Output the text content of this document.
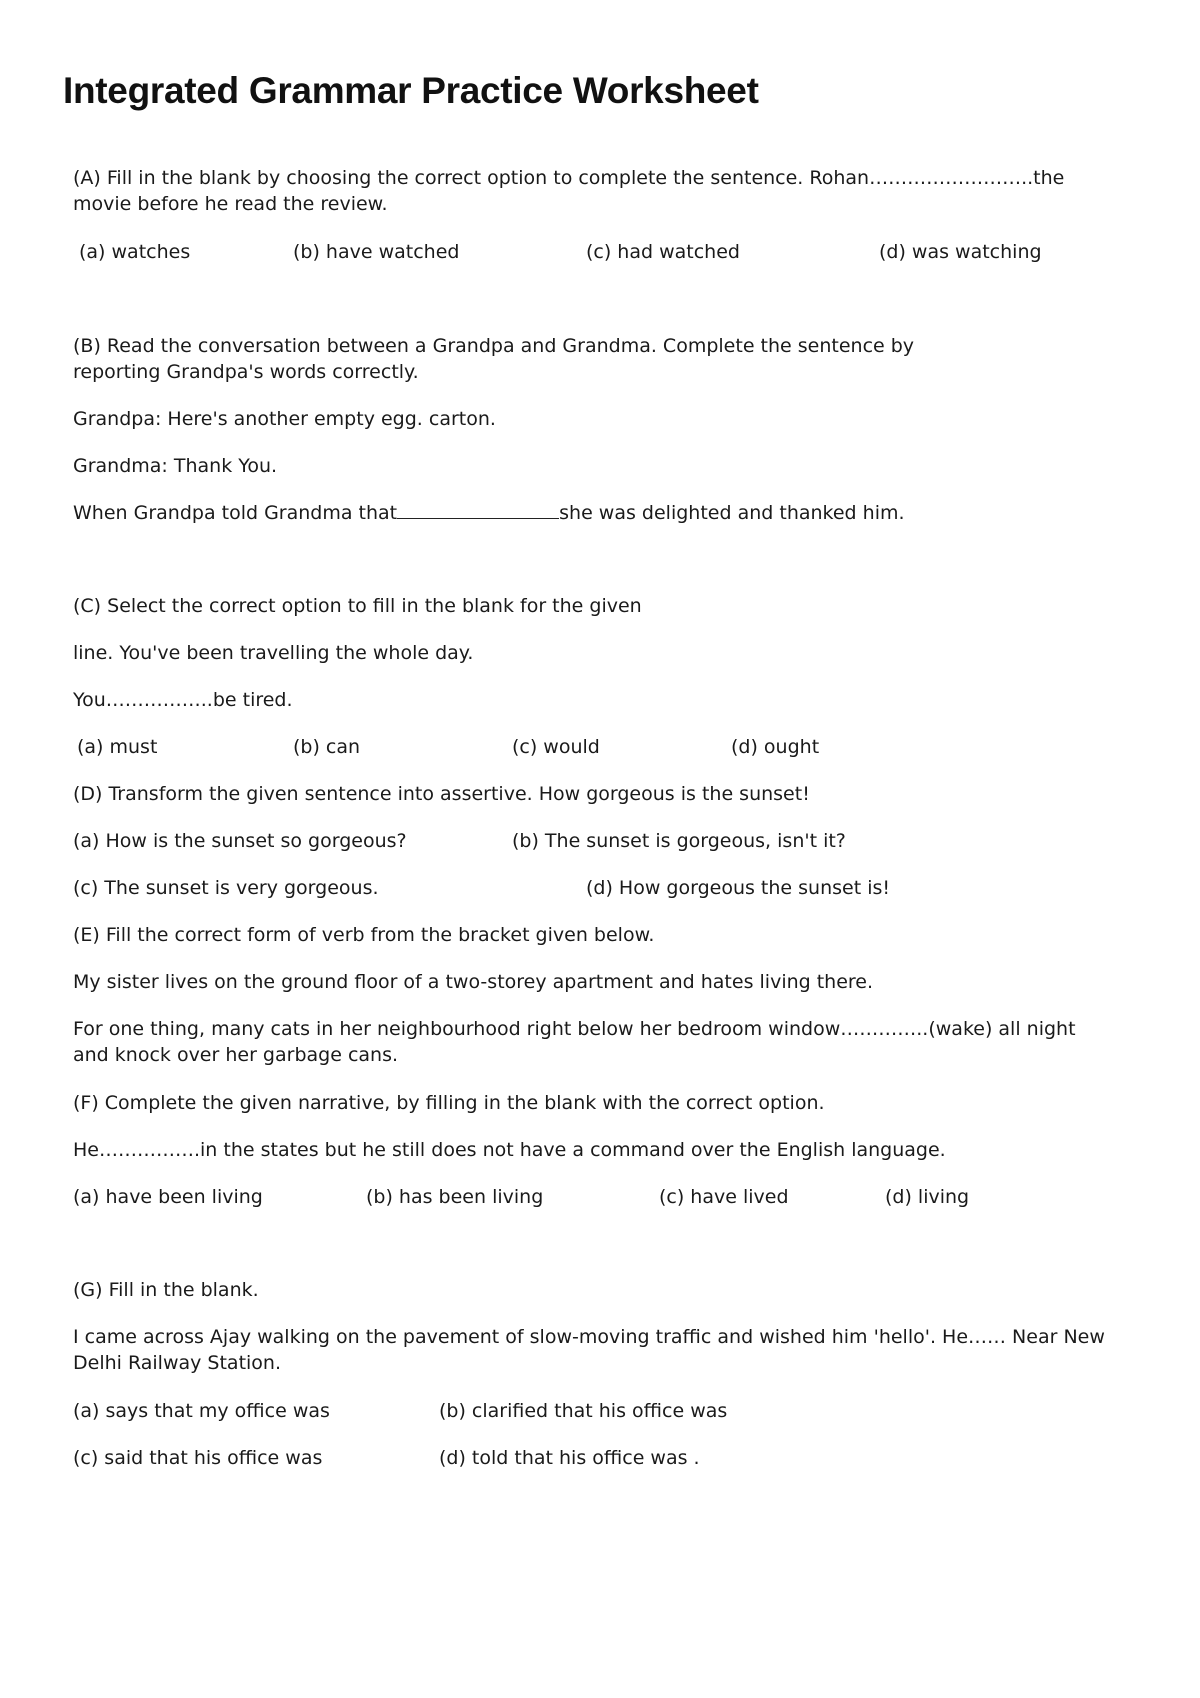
Integrated Grammar Practice Worksheet
(A) Fill in the blank by choosing the correct option to complete the sentence. Rohan……………………..the movie before he read the review.
(a) watches	(b) have watched	(c) had watched	(d) was watching
(B) Read the conversation between a Grandpa and Grandma. Complete the sentence by reporting Grandpa's words correctly.
Grandpa: Here's another empty egg. carton.
Grandma: Thank You.
When Grandpa told Grandma that	she was delighted and thanked him.
(C) Select the correct option to fill in the blank for the given
line. You've been travelling the whole day.
You……………..be tired.
(a) must	(b) can	(c) would	(d) ought
(D) Transform the given sentence into assertive. How gorgeous is the sunset!
(a) How is the sunset so gorgeous?	(b) The sunset is gorgeous, isn't it?
(c) The sunset is very gorgeous.	(d) How gorgeous the sunset is!
(E) Fill the correct form of verb from the bracket given below.
My sister lives on the ground floor of a two-storey apartment and hates living there.
For one thing, many cats in her neighbourhood right below her bedroom window…………..(wake) all night and knock over her garbage cans.
(F) Complete the given narrative, by filling in the blank with the correct option.
He…………….in the states but he still does not have a command over the English language.
(a) have been living	(b) has been living	(c) have lived	(d) living
(G) Fill in the blank.
I came across Ajay walking on the pavement of slow-moving traffic and wished him 'hello'. He…… Near New Delhi Railway Station.
(a) says that my office was	(b) clarified that his office was
(c) said that his office was	(d) told that his office was .
